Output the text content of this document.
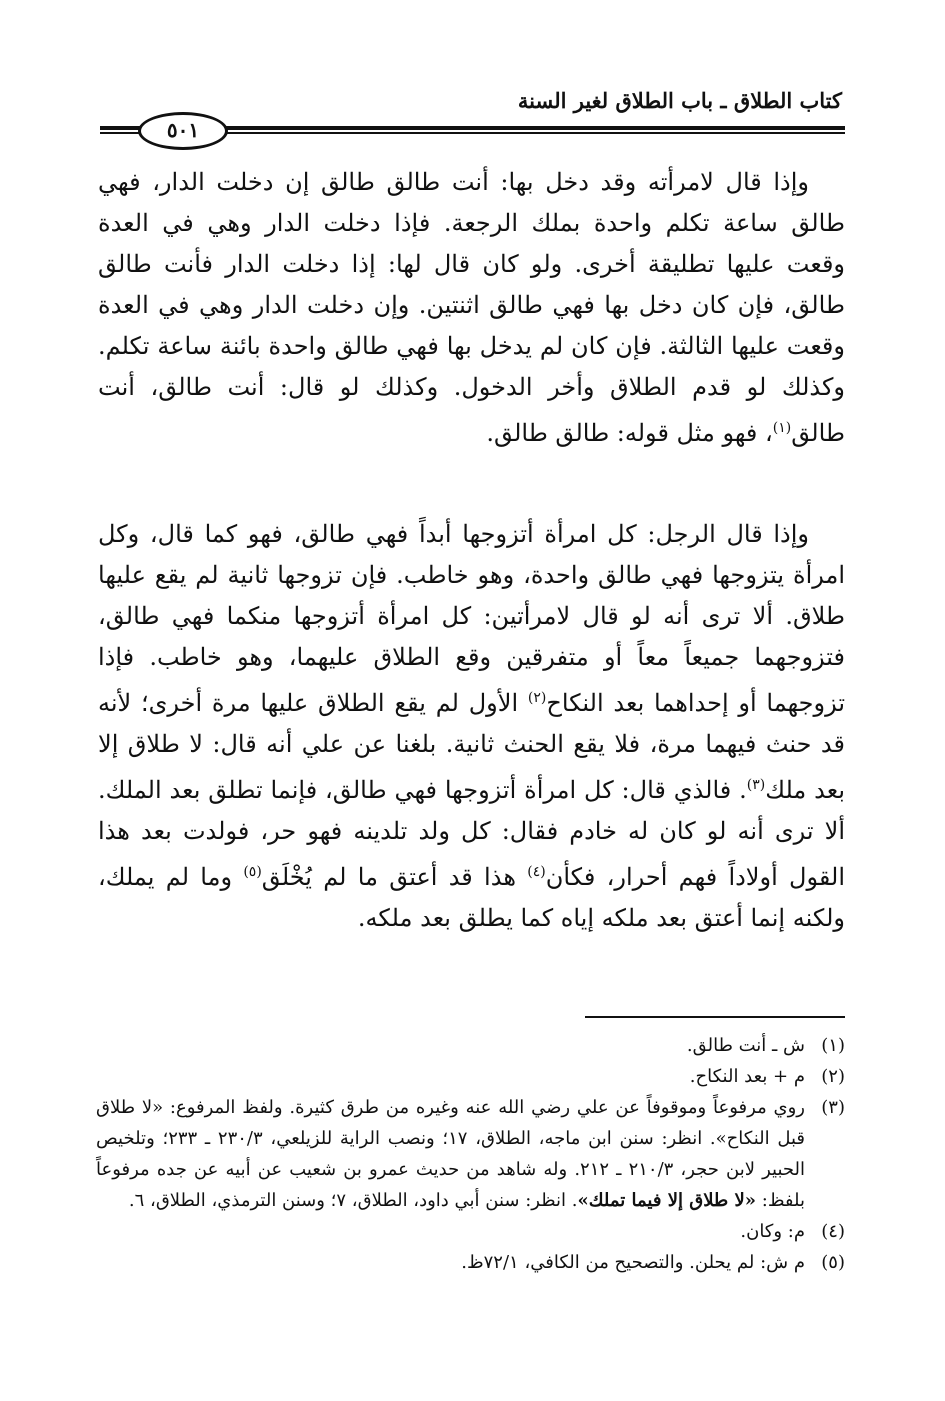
كتاب الطلاق ـ باب الطلاق لغير السنة
٥٠١
وإذا قال لامرأته وقد دخل بها: أنت طالق طالق إن دخلت الدار، فهي طالق ساعة تكلم واحدة بملك الرجعة. فإذا دخلت الدار وهي في العدة وقعت عليها تطليقة أخرى. ولو كان قال لها: إذا دخلت الدار فأنت طالق طالق، فإن كان دخل بها فهي طالق اثنتين. وإن دخلت الدار وهي في العدة وقعت عليها الثالثة. فإن كان لم يدخل بها فهي طالق واحدة بائنة ساعة تكلم. وكذلك لو قدم الطلاق وأخر الدخول. وكذلك لو قال: أنت طالق، أنت طالق$^{(١)}$، فهو مثل قوله: طالق طالق.
وإذا قال الرجل: كل امرأة أتزوجها أبداً فهي طالق، فهو كما قال، وكل امرأة يتزوجها فهي طالق واحدة، وهو خاطب. فإن تزوجها ثانية لم يقع عليها طلاق. ألا ترى أنه لو قال لامرأتين: كل امرأة أتزوجها منكما فهي طالق، فتزوجهما جميعاً معاً أو متفرقين وقع الطلاق عليهما، وهو خاطب. فإذا تزوجهما أو إحداهما بعد النكاح$^{(٢)}$ الأول لم يقع الطلاق عليها مرة أخرى؛ لأنه قد حنث فيهما مرة، فلا يقع الحنث ثانية. بلغنا عن علي أنه قال: لا طلاق إلا بعد ملك$^{(٣)}$. فالذي قال: كل امرأة أتزوجها فهي طالق، فإنما تطلق بعد الملك. ألا ترى أنه لو كان له خادم فقال: كل ولد تلدينه فهو حر، فولدت بعد هذا القول أولاداً فهم أحرار، فكأن$^{(٤)}$ هذا قد أعتق ما لم يُخْلَق$^{(٥)}$ وما لم يملك، ولكنه إنما أعتق بعد ملكه إياه كما يطلق بعد ملكه.
(١)
ش ـ أنت طالق.
(٢)
م + بعد النكاح.
(٣)
روي مرفوعاً وموقوفاً عن علي رضي الله عنه وغيره من طرق كثيرة. ولفظ المرفوع: «لا طلاق قبل النكاح». انظر: سنن ابن ماجه، الطلاق، ١٧؛ ونصب الراية للزيلعي، ٢٣٠/٣ ـ ٢٣٣؛ وتلخيص الحبير لابن حجر، ٢١٠/٣ ـ ٢١٢. وله شاهد من حديث عمرو بن شعيب عن أبيه عن جده مرفوعاً بلفظ: «لا طلاق إلا فيما تملك». انظر: سنن أبي داود، الطلاق، ٧؛ وسنن الترمذي، الطلاق، ٦.
(٤)
م: وكان.
(٥)
م ش: لم يحلن. والتصحيح من الكافي، ٧٢/١ظ.
